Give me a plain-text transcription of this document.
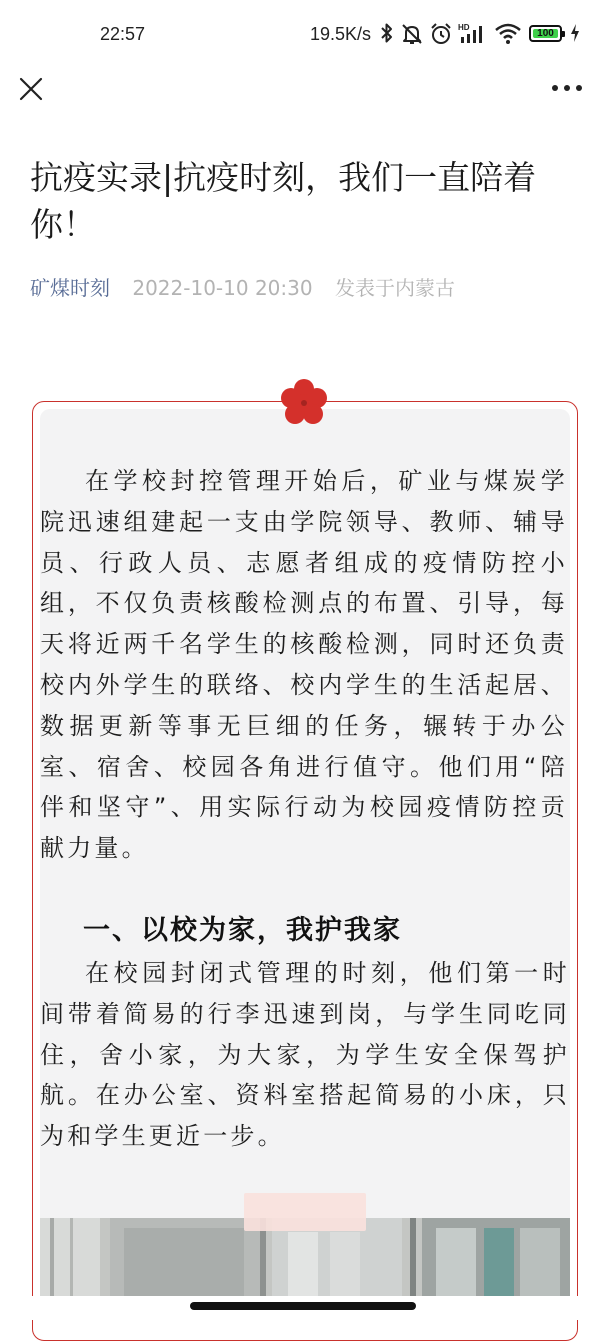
22:57	19.5K/s	HD
100
抗疫实录|抗疫时刻，我们一直陪着你！
矿煤时刻 2022-10-10 20:30 发表于内蒙古

在学校封控管理开始后，矿业与煤炭学院迅速组建起一支由学院领导、教师、辅导员、行政人员、志愿者组成的疫情防控小组，不仅负责核酸检测点的布置、引导，每天将近两千名学生的核酸检测，同时还负责校内外学生的联络、校内学生的生活起居、数据更新等事无巨细的任务，辗转于办公室、宿舍、校园各角进行值守。他们用“陪伴和坚守”、用实际行动为校园疫情防控贡献力量。

一、以校为家，我护我家

在校园封闭式管理的时刻，他们第一时间带着简易的行李迅速到岗，与学生同吃同住，舍小家，为大家，为学生安全保驾护航。在办公室、资料室搭起简易的小床，只为和学生更近一步。
